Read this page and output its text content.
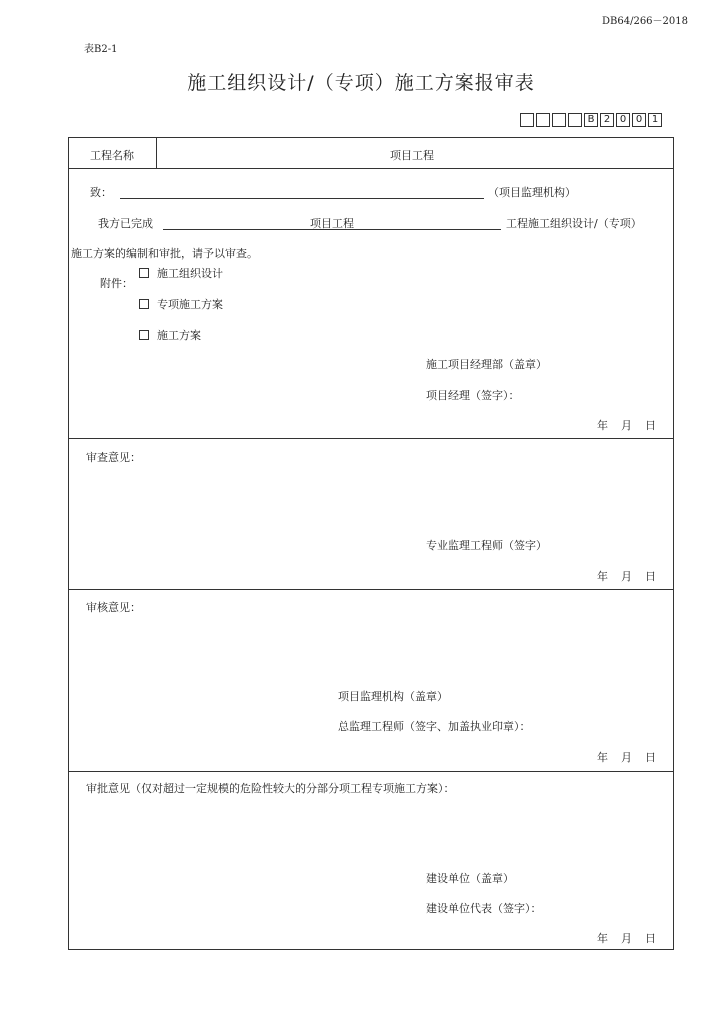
DB64/266－2018
表B2-1
施工组织设计/（专项）施工方案报审表
B 2 0 0 1
工程名称	项目工程
致：	（项目监理机构）
我方已完成	项目工程	工程施工组织设计/（专项）
施工方案的编制和审批，请予以审查。
附件：
施工组织设计
专项施工方案
施工方案
施工项目经理部（盖章）
项目经理（签字）：
年 月 日
审查意见：
专业监理工程师（签字）
年 月 日
审核意见：
项目监理机构（盖章）
总监理工程师（签字、加盖执业印章）：
年 月 日
审批意见（仅对超过一定规模的危险性较大的分部分项工程专项施工方案）：
建设单位（盖章）
建设单位代表（签字）：
年 月 日
